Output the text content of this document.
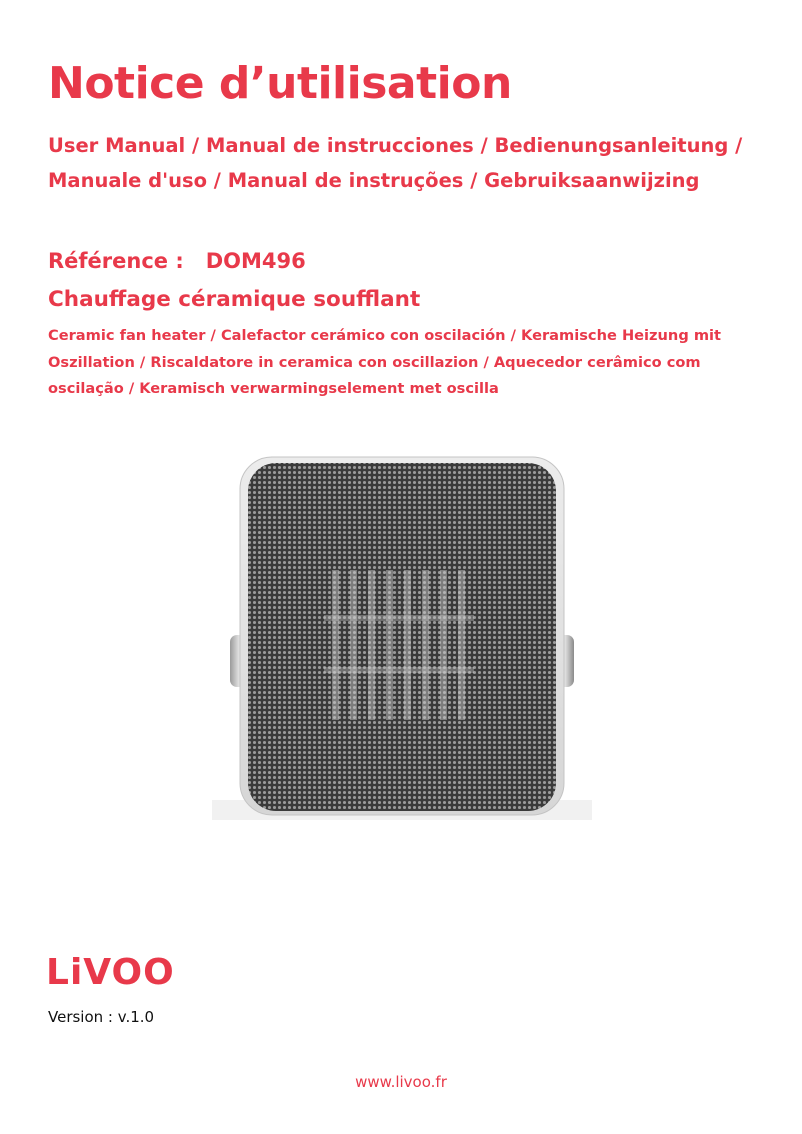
Notice d’utilisation
User Manual / Manual de instrucciones / Bedienungsanleitung /
Manuale d'uso / Manual de instruções / Gebruiksaanwijzing
Référence : DOM496
Chauffage céramique soufflant
Ceramic fan heater / Calefactor cerámico con oscilación / Keramische Heizung mit
Oszillation / Riscaldatore in ceramica con oscillazion / Aquecedor cerâmico com
oscilação / Keramisch verwarmingselement met oscilla
LiVOO
Version : v.1.0
www.livoo.fr
